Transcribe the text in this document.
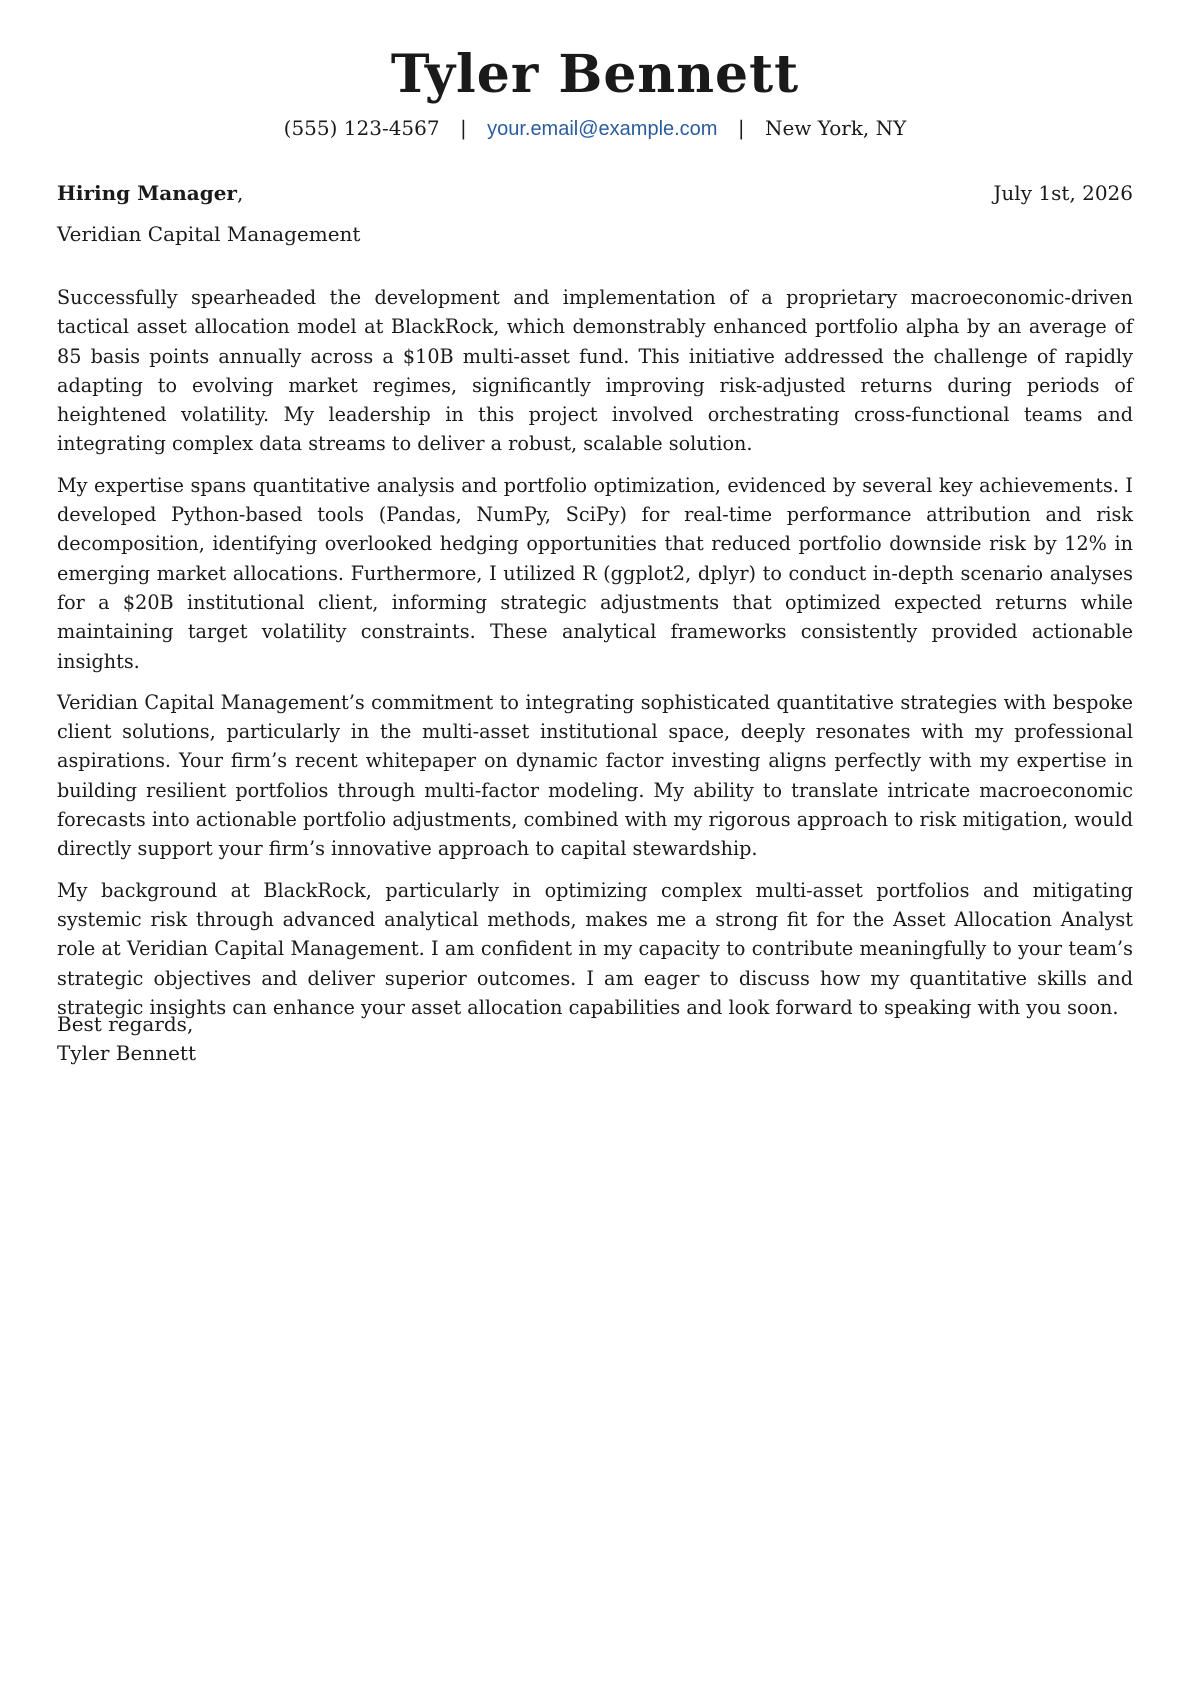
Tyler Bennett
(555) 123-4567 | your.email@example.com | New York, NY
Hiring Manager,	July 1st, 2026
Veridian Capital Management

Successfully spearheaded the development and implementation of a proprietary macroeconomic-driven tactical asset allocation model at BlackRock, which demonstrably enhanced portfolio alpha by an average of 85 basis points annually across a $10B multi-asset fund. This initiative addressed the challenge of rapidly adapting to evolving market regimes, significantly improving risk-adjusted returns during periods of heightened volatility. My leadership in this project involved orchestrating cross-functional teams and integrating complex data streams to deliver a robust, scalable solution.

My expertise spans quantitative analysis and portfolio optimization, evidenced by several key achievements. I developed Python-based tools (Pandas, NumPy, SciPy) for real-time performance attribution and risk decomposition, identifying overlooked hedging opportunities that reduced portfolio downside risk by 12% in emerging market allocations. Furthermore, I utilized R (ggplot2, dplyr) to conduct in-depth scenario analyses for a $20B institutional client, informing strategic adjustments that optimized expected returns while maintaining target volatility constraints. These analytical frameworks consistently provided actionable insights.

Veridian Capital Management’s commitment to integrating sophisticated quantitative strategies with bespoke client solutions, particularly in the multi-asset institutional space, deeply resonates with my professional aspirations. Your firm’s recent whitepaper on dynamic factor investing aligns perfectly with my expertise in building resilient portfolios through multi-factor modeling. My ability to translate intricate macroeconomic forecasts into actionable portfolio adjustments, combined with my rigorous approach to risk mitigation, would directly support your firm’s innovative approach to capital stewardship.

My background at BlackRock, particularly in optimizing complex multi-asset portfolios and mitigating systemic risk through advanced analytical methods, makes me a strong fit for the Asset Allocation Analyst role at Veridian Capital Management. I am confident in my capacity to contribute meaningfully to your team’s strategic objectives and deliver superior outcomes. I am eager to discuss how my quantitative skills and strategic insights can enhance your asset allocation capabilities and look forward to speaking with you soon.

Best regards,
Tyler Bennett
